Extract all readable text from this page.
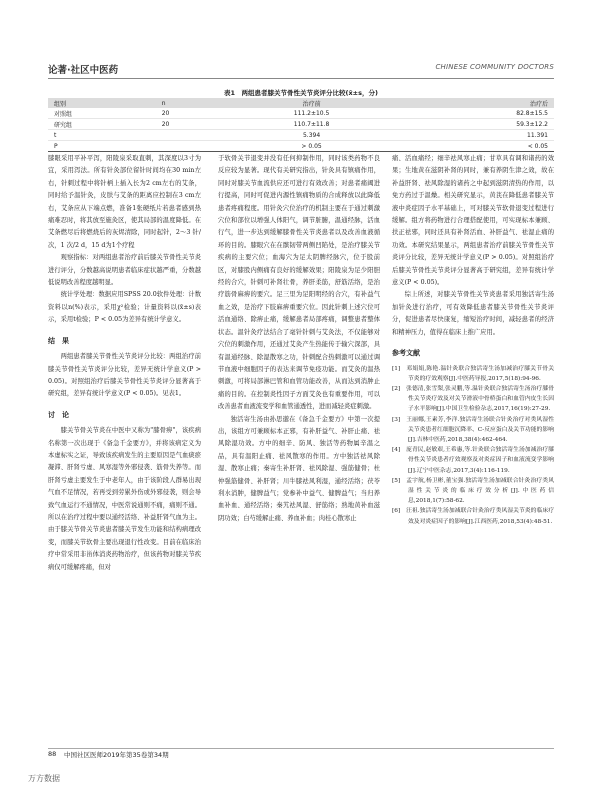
论著·社区中医药	CHINESE COMMUNITY DOCTORS
表1　两组患者膝关节骨性关节炎评分比较(x̄±s，分)
组别	n	治疗前	治疗后
对照组	20	111.2±10.5	82.8±15.5
研究组	20	110.7±11.8	59.3±12.2
t		5.394	11.391
P		> 0.05	< 0.05

膝眼采用平补平泻，阳陵泉采取直刺，其深度以3寸为宜，采用泻法。所有针灸部位留针时间均在30 min左右，针刺过程中将针柄上插入长为2 cm左右的艾条，同时给予温针灸，皮肤与艾条的距离应控制在3 cm左右，艾条应从下端点燃，准备1张硬纸片若患者感到热痛难忍时，将其放至施灸区，使其局部的温度降低。在艾条燃尽后将燃烧后的灰烬清除，同时起针，2～3 针/次，1 次/2 d，15 d为1个疗程

观察指标：对两组患者治疗前后膝关节骨性关节炎进行评分，分数越高说明患者临床症状越严重，分数越低说明改善程度越明显。

统计学处理：数据应用SPSS 20.0软件处理：计数资料以n(%)表示，采用χ²检验；计量资料以(x̄±s)表示，采用t检验；P < 0.05为差异有统计学意义。

结　果

两组患者膝关节骨性关节炎评分比较：两组治疗前膝关节骨性关节炎评分比较，差异无统计学意义(P > 0.05)。对照组治疗后膝关节骨性关节炎评分显著高于研究组，差异有统计学意义(P < 0.05)。见表1。

讨　论

膝关节骨关节炎在中医中又称为"膝骨痹"，该疾病名称第一次出现于《备急千金要方》，并将该病定义为本虚标实之证，导致该疾病发生的主要原因是气血痰瘀凝滞、肝肾亏虚、风寒湿等外邪侵袭、筋骨失养等。而肝肾亏虚主要发生于中老年人，由于该阶段人群易出现气血不足情况，若再受到劳累外伤或外邪侵袭，则会导致气血运行不通情况，中医常说通则不痛，痛则不通。所以在治疗过程中要以通经活络、补益肝肾气血为主。由于膝关节骨关节炎患者膝关节发生功能和结构病理改变，而膝关节软骨主要出现退行性改变。目前在临床治疗中常采用非甾体消炎药物治疗，但该药物对膝关节疾病仅可缓解疼痛，但对

于软骨关节退变并没有任何抑制作用，同时该类药物不良反应较为显著。现代有关研究指出，针灸具有镇痛作用，同时对膝关节血流供应还可进行有效改善；对患者痛阈进行提高，同时可促进内源性镇痛物质的合成释放以此降低患者疼痛程度。用针灸穴位治疗的机制主要在于通过刺激穴位和部位以增强人体阳气，调节脏腑，温通经脉，活血行气，进一步达到缓解膝骨性关节炎患者以及改善血液循环的目的。膝眼穴在在髌韧带两侧凹陷处，是治疗膝关节疾病的主要穴位；血海穴为足太阴脾经脉穴，位于股前区，对膝股内侧痛有良好的缓解效果；阳陵泉为足少阳胆经的合穴，针刺可补肾壮骨，养肝柔筋，舒筋活络，是治疗筋骨麻痹的要穴。足三里为足阳明经的合穴，有补益气血之效，是治疗下肢麻痹重要穴位。因此针刺上述穴位可活血通络、除痹止痛，缓解患者局部疼痛，调整患者整体状态。温针灸疗法结合了毫针针刺与艾灸法，不仅能够对穴位的刺激作用，还通过艾灸产生热能传于输穴深部，具有温通经脉、除湿散寒之功，针刺配合热刺激可以通过调节血液中细胞因子的表达来调节免疫功能。而艾灸的温热刺激，可将局部淋巴管和血管功能改善，从而达到消肿止痛的目的。在控制炎性因子方面艾灸也有重要作用，可以改善患者血液流变学和血管通透性，进而减轻炎症刺激。

独活寄生汤由孙思邈在《备急千金要方》中第一次提出，该组方可兼顾标本正邪，有补肝益气、补肝止痛、祛风除湿功效。方中的细辛、防风、独活等药物属辛温之品，具有温阳止痛、祛风散寒的作用。方中独活祛风除湿、散寒止痛；秦寄生补肝肾、祛风除湿、强筋健骨；杜仲强筋健骨、补肝肾；川牛膝祛风利湿，通经活络；茯苓利水消肿，健脾益气；党参补中益气、健脾益气；当归养血补血、通经活络；秦艽祛风湿、舒筋络；熟地黄补血滋阴功效；白芍缓解止痛、养血补血；肉桂心散寒止

痛、活血痛经；细辛祛风寒止痛；甘草具有调和诸药的效果；生地黄在滋阴补肾的同时，兼有养阴生津之效，故在补益肝肾、祛风除湿的诸药之中起到滋阴清热的作用，以免方药过于温燥。相关研究显示，黄芪在降低患者膝关节液中炎症因子水平基础上，可对膝关节软骨退变过程进行缓解。组方将药物进行合理搭配使用，可实现标本兼顾、扶正祛邪，同时还具有补肾活血、补肝益气、祛湿止痛的功效。本研究结果显示，两组患者治疗前膝关节骨性关节炎评分比较，差异无统计学意义(P > 0.05)。对照组治疗后膝关节骨性关节炎评分显著高于研究组，差异有统计学意义(P < 0.05)。

综上所述，对膝关节骨性关节炎患者采用独活寄生汤加针灸进行治疗，可有效降低患者膝关节骨性关节炎评分，促进患者尽快康复，缩短治疗时间，减轻患者的经济和精神压力，值得在临床上推广应用。

参考文献
[1]　邓娟娟,陈艳.温针灸联合独活寄生汤加减治疗膝关节骨关节炎的疗效观察[J].中医药导报,2017,5(18):94-96.
[2]　张德清,张雪梨,张灵鹏,等.温针灸联合独活寄生汤治疗膝骨性关节炎疗效及对关节滑液中骨桥蛋白和血管内皮生长因子水平影响[J].中国卫生检验杂志,2017,16(19):27-29.
[3]　王丽娜,王素芳,李洋.独活寄生汤联合针灸治疗对类风湿性关节炎患者红细胞沉降率、C-反应蛋白及关节功能的影响[J].吉林中医药,2018,38(4):462-464.
[4]　庞青民,赵敏艰,王希惠,等.针灸联合独活寄生汤加减治疗膝骨性关节炎患者疗效观察及对炎症因子和血液流变学影响[J].辽宁中医杂志,2017,3(4):116-119.
[5]　孟宇航,杨卫彬,董宝强.独活寄生汤加减联合针灸治疗类风湿性关节炎的临床疗效分析[J].中医药信息,2018,1(7):58-62.
[6]　汪祖.独活寄生汤加减联合针灸治疗类风湿关节炎的临床疗效及对炎症因子的影响[J].江西医药,2018,53(4):48-51.
88 中国社区医师2019年第35卷第34期
万方数据
